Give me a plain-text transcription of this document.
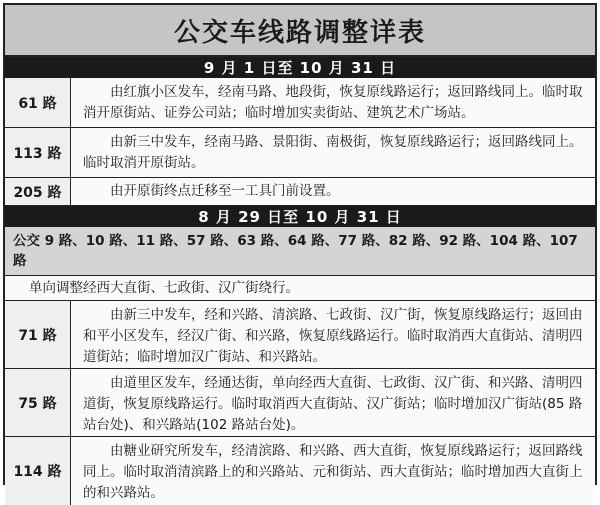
公交车线路调整详表
9 月 1 日至 10 月 31 日
61 路
由红旗小区发车，经南马路、地段街，恢复原线路运行；返回路线同上。临时取消开原街站、证券公司站；临时增加实卖街站、建筑艺术广场站。
113 路
由新三中发车，经南马路、景阳街、南极街，恢复原线路运行；返回路线同上。临时取消开原街站。
205 路	由开原街终点迁移至一工具门前设置。
8 月 29 日至 10 月 31 日
公交 9 路、10 路、11 路、57 路、63 路、64 路、77 路、82 路、92 路、104 路、107 路
单向调整经西大直街、七政街、汉广街绕行。
71 路
由新三中发车，经和兴路、清滨路、七政街、汉广街，恢复原线路运行；返回由和平小区发车，经汉广街、和兴路，恢复原线路运行。临时取消西大直街站、清明四道街站；临时增加汉广街站、和兴路站。
75 路
由道里区发车，经通达街，单向经西大直街、七政街、汉广街、和兴路、清明四道街，恢复原线路运行。临时取消西大直街站、汉广街站；临时增加汉广街站(85 路站台处)、和兴路站(102 路站台处)。
114 路
由糖业研究所发车，经清滨路、和兴路、西大直街，恢复原线路运行；返回路线同上。临时取消清滨路上的和兴路站、元和街站、西大直街站；临时增加西大直街上的和兴路站。
